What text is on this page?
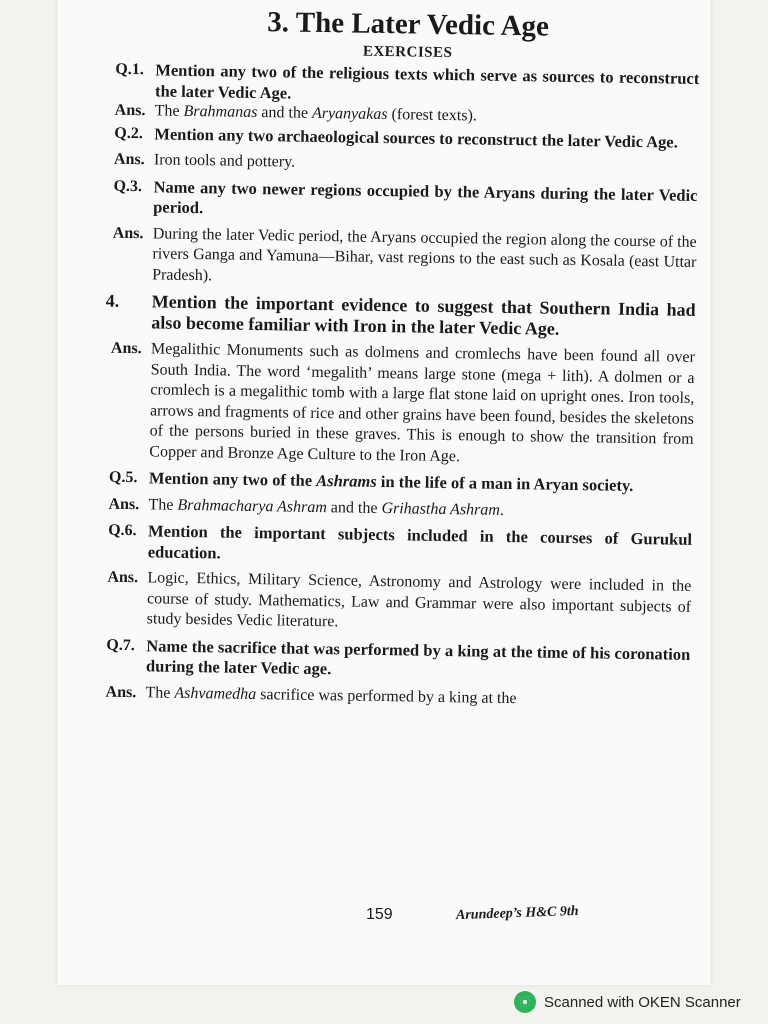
3. The Later Vedic Age
EXERCISES
Q.1. Mention any two of the religious texts which serve as sources to reconstruct the later Vedic Age.
Ans. The Brahmanas and the Aryanyakas (forest texts).
Q.2. Mention any two archaeological sources to reconstruct the later Vedic Age.
Ans. Iron tools and pottery.
Q.3. Name any two newer regions occupied by the Aryans during the later Vedic period.
Ans. During the later Vedic period, the Aryans occupied the region along the course of the rivers Ganga and Yamuna—Bihar, vast regions to the east such as Kosala (east Uttar Pradesh).
4.	Mention the important evidence to suggest that Southern India had also become familiar with Iron in the later Vedic Age.
Ans. Megalithic Monuments such as dolmens and cromlechs have been found all over South India. The word ‘megalith’ means large stone (mega + lith). A dolmen or a cromlech is a megalithic tomb with a large flat stone laid on upright ones. Iron tools, arrows and fragments of rice and other grains have been found, besides the skeletons of the persons buried in these graves. This is enough to show the transition from Copper and Bronze Age Culture to the Iron Age.
Q.5. Mention any two of the Ashrams in the life of a man in Aryan society.
Ans. The Brahmacharya Ashram and the Grihastha Ashram.
Q.6. Mention the important subjects included in the courses of Gurukul education.
Ans. Logic, Ethics, Military Science, Astronomy and Astrology were included in the course of study. Mathematics, Law and Grammar were also important subjects of study besides Vedic literature.
Q.7. Name the sacrifice that was performed by a king at the time of his coronation during the later Vedic age.
Ans. The Ashvamedha sacrifice was performed by a king at the
159	Arundeep’s H&C 9th
Scanned with OKEN Scanner
